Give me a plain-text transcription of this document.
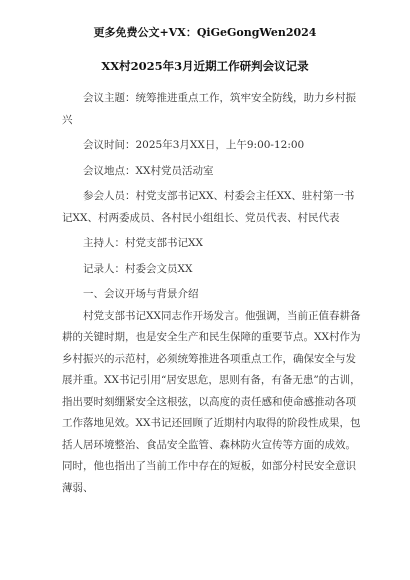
更多免费公文+VX：QiGeGongWen2024
XX村2025年3月近期工作研判会议记录

会议主题：统筹推进重点工作，筑牢安全防线，助力乡村振兴

会议时间：2025年3月XX日，上午9:00-12:00

会议地点：XX村党员活动室

参会人员：村党支部书记XX、村委会主任XX、驻村第一书记XX、村两委成员、各村民小组组长、党员代表、村民代表

主持人：村党支部书记XX

记录人：村委会文员XX

一、会议开场与背景介绍

村党支部书记XX同志作开场发言。他强调，当前正值春耕备耕的关键时期，也是安全生产和民生保障的重要节点。XX村作为乡村振兴的示范村，必须统筹推进各项重点工作，确保安全与发展并重。XX书记引用“居安思危，思则有备，有备无患”的古训，指出要时刻绷紧安全这根弦，以高度的责任感和使命感推动各项工作落地见效。XX书记还回顾了近期村内取得的阶段性成果，包括人居环境整治、食品安全监管、森林防火宣传等方面的成效。同时，他也指出了当前工作中存在的短板，如部分村民安全意识薄弱、
